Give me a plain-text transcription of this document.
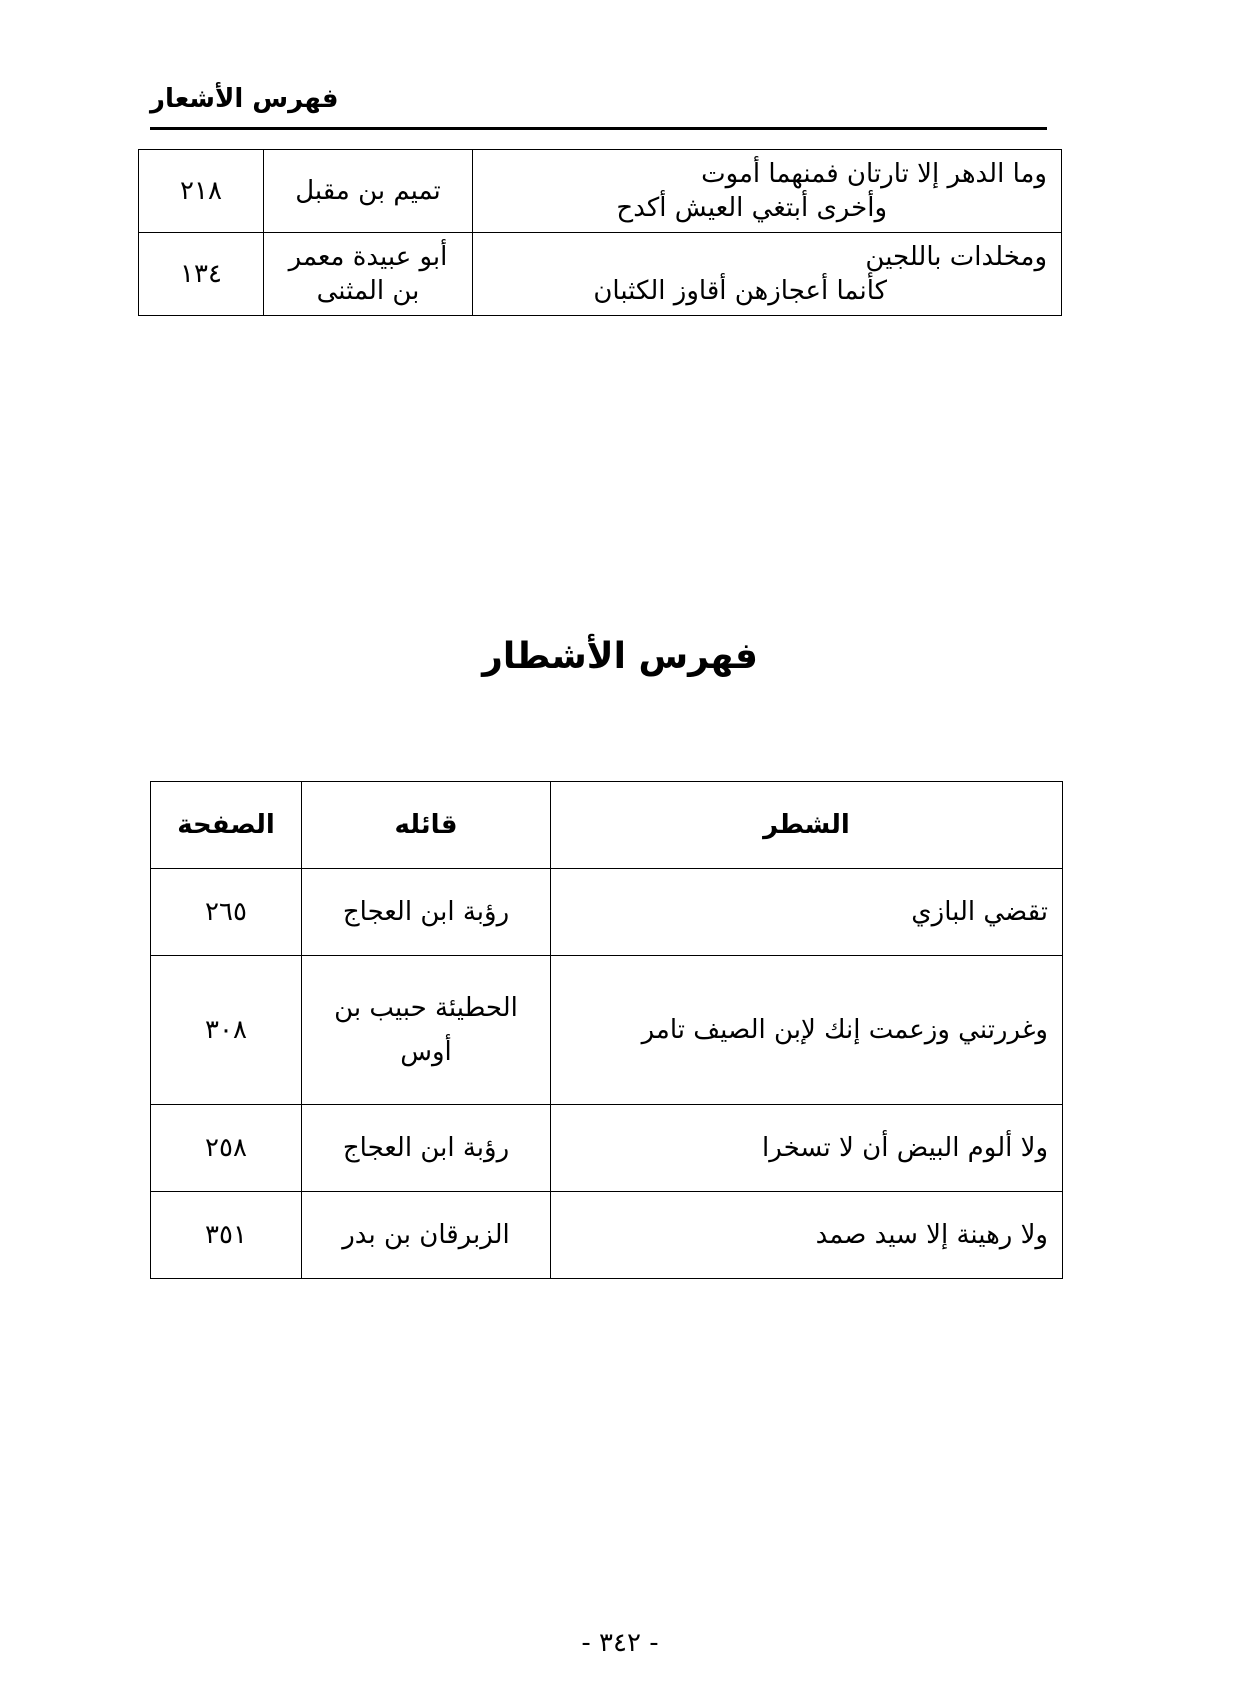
فهرس الأشعار
وما الدهر إلا تارتان فمنهما أموت
وأخرى أبتغي العيش أكدح	تميم بن مقبل	٢١٨

ومخلدات باللجين
كأنما أعجازهن أقاوز الكثبان	أبو عبيدة معمر بن المثنى	١٣٤
فهرس الأشطار
الشطر	قائله	الصفحة
تقضي البازي	رؤبة ابن العجاج	٢٦٥
وغررتني وزعمت إنك لإبن الصيف تامر	الحطيئة حبيب بن أوس	٣٠٨
ولا ألوم البيض أن لا تسخرا	رؤبة ابن العجاج	٢٥٨
ولا رهينة إلا سيد صمد	الزبرقان بن بدر	٣٥١
- ٣٤٢ -
